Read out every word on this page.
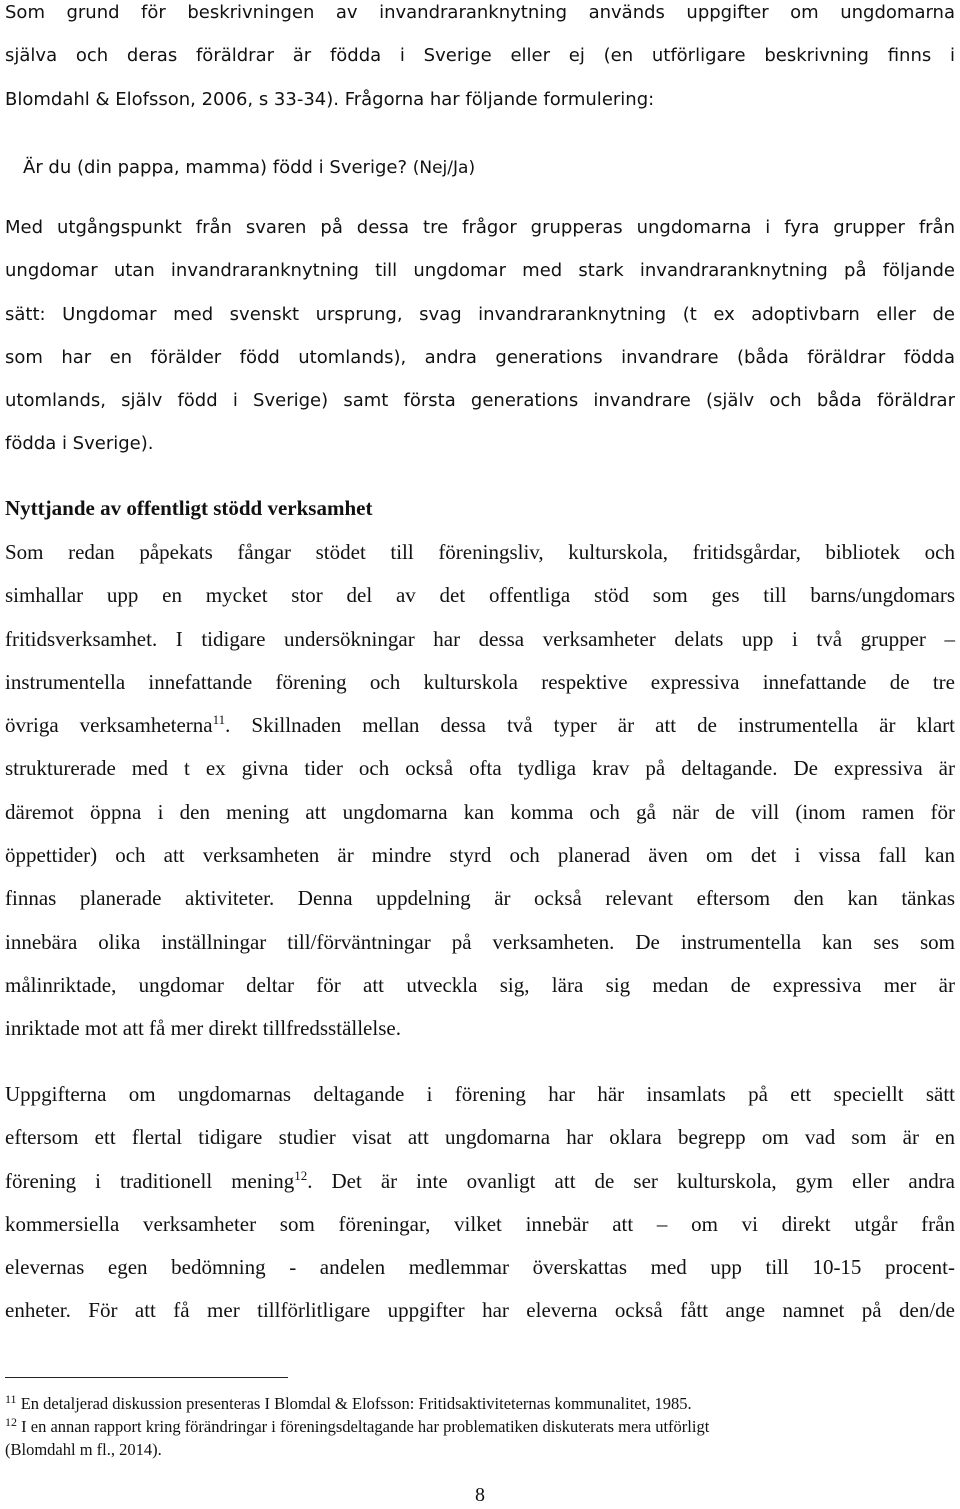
Som grund för beskrivningen av invandraranknytning används uppgifter om ungdomarna
själva och deras föräldrar är födda i Sverige eller ej (en utförligare beskrivning finns i
Blomdahl & Elofsson, 2006, s 33-34). Frågorna har följande formulering:
Är du (din pappa, mamma) född i Sverige? (Nej/Ja)
Med utgångspunkt från svaren på dessa tre frågor grupperas ungdomarna i fyra grupper från
ungdomar utan invandraranknytning till ungdomar med stark invandraranknytning på följande
sätt: Ungdomar med svenskt ursprung, svag invandraranknytning (t ex adoptivbarn eller de
som har en förälder född utomlands), andra generations invandrare (båda föräldrar födda
utomlands, själv född i Sverige) samt första generations invandrare (själv och båda föräldrar
födda i Sverige).
Nyttjande av offentligt stödd verksamhet
Som redan påpekats fångar stödet till föreningsliv, kulturskola, fritidsgårdar, bibliotek och
simhallar upp en mycket stor del av det offentliga stöd som ges till barns/ungdomars
fritidsverksamhet. I tidigare undersökningar har dessa verksamheter delats upp i två grupper –
instrumentella innefattande förening och kulturskola respektive expressiva innefattande de tre
övriga verksamheterna$^{11}$. Skillnaden mellan dessa två typer är att de instrumentella är klart
strukturerade med t ex givna tider och också ofta tydliga krav på deltagande. De expressiva är
däremot öppna i den mening att ungdomarna kan komma och gå när de vill (inom ramen för
öppettider) och att verksamheten är mindre styrd och planerad även om det i vissa fall kan
finnas planerade aktiviteter. Denna uppdelning är också relevant eftersom den kan tänkas
innebära olika inställningar till/förväntningar på verksamheten. De instrumentella kan ses som
målinriktade, ungdomar deltar för att utveckla sig, lära sig medan de expressiva mer är
inriktade mot att få mer direkt tillfredsställelse.
Uppgifterna om ungdomarnas deltagande i förening har här insamlats på ett speciellt sätt
eftersom ett flertal tidigare studier visat att ungdomarna har oklara begrepp om vad som är en
förening i traditionell mening$^{12}$. Det är inte ovanligt att de ser kulturskola, gym eller andra
kommersiella verksamheter som föreningar, vilket innebär att – om vi direkt utgår från
elevernas egen bedömning - andelen medlemmar överskattas med upp till 10-15 procent-
enheter. För att få mer tillförlitligare uppgifter har eleverna också fått ange namnet på den/de
$^{11}$ En detaljerad diskussion presenteras I Blomdal & Elofsson: Fritidsaktiviteternas kommunalitet, 1985.
$^{12}$ I en annan rapport kring förändringar i föreningsdeltagande har problematiken diskuterats mera utförligt
(Blomdahl m fl., 2014).
8
